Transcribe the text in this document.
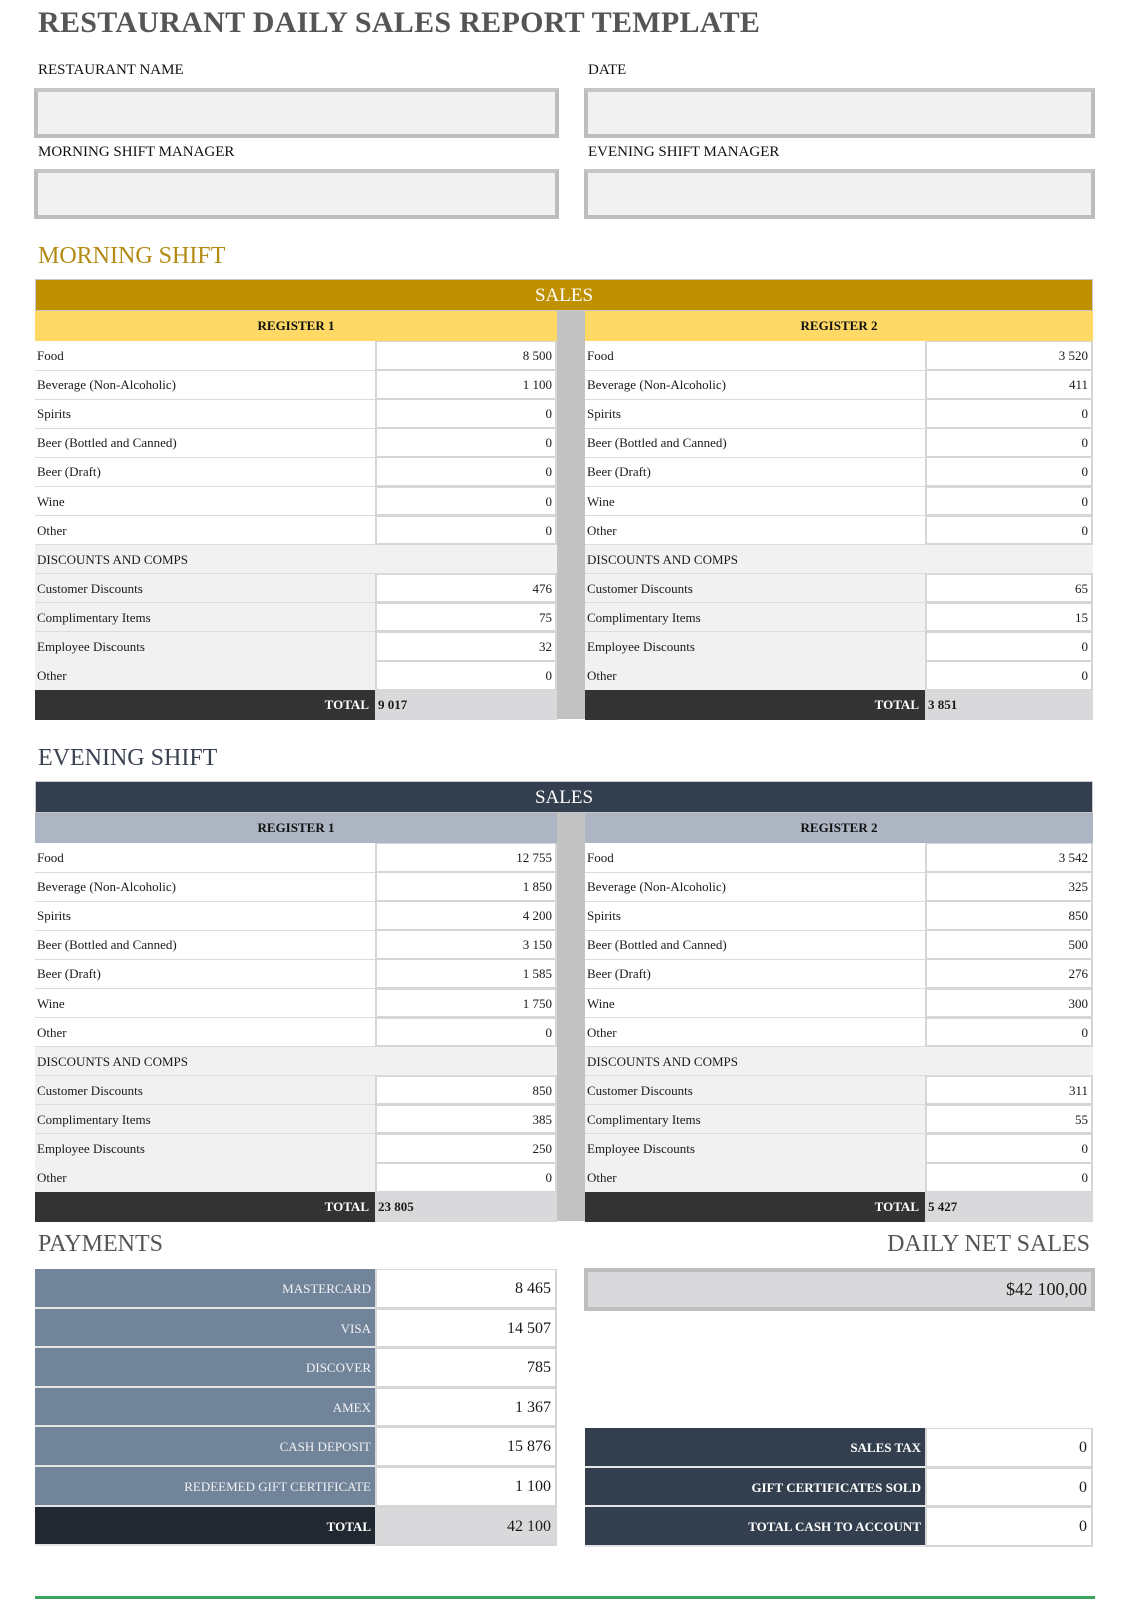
RESTAURANT DAILY SALES REPORT TEMPLATE
RESTAURANT NAME	DATE
MORNING SHIFT MANAGER	EVENING SHIFT MANAGER
MORNING SHIFT
SALES
REGISTER 1	REGISTER 2
Food	8 500
Beverage (Non-Alcoholic)	1 100
Spirits	0
Beer (Bottled and Canned)	0
Beer (Draft)	0
Wine	0
Other	0
DISCOUNTS AND COMPS
Customer Discounts	476
Complimentary Items	75
Employee Discounts	32
Other	0
TOTAL 9 017
Food	3 520
Beverage (Non-Alcoholic)	411
Spirits	0
Beer (Bottled and Canned)	0
Beer (Draft)	0
Wine	0
Other	0
DISCOUNTS AND COMPS
Customer Discounts	65
Complimentary Items	15
Employee Discounts	0
Other	0
TOTAL 3 851
EVENING SHIFT
SALES
REGISTER 1	REGISTER 2
Food	12 755
Beverage (Non-Alcoholic)	1 850
Spirits	4 200
Beer (Bottled and Canned)	3 150
Beer (Draft)	1 585
Wine	1 750
Other	0
DISCOUNTS AND COMPS
Customer Discounts	850
Complimentary Items	385
Employee Discounts	250
Other	0
TOTAL 23 805
Food	3 542
Beverage (Non-Alcoholic)	325
Spirits	850
Beer (Bottled and Canned)	500
Beer (Draft)	276
Wine	300
Other	0
DISCOUNTS AND COMPS
Customer Discounts	311
Complimentary Items	55
Employee Discounts	0
Other	0
TOTAL 5 427
PAYMENTS
MASTERCARD	8 465
VISA	14 507
DISCOVER	785
AMEX	1 367
CASH DEPOSIT	15 876
REDEEMED GIFT CERTIFICATE	1 100
TOTAL	42 100
DAILY NET SALES
$42 100,00
SALES TAX	0
GIFT CERTIFICATES SOLD	0
TOTAL CASH TO ACCOUNT	0
